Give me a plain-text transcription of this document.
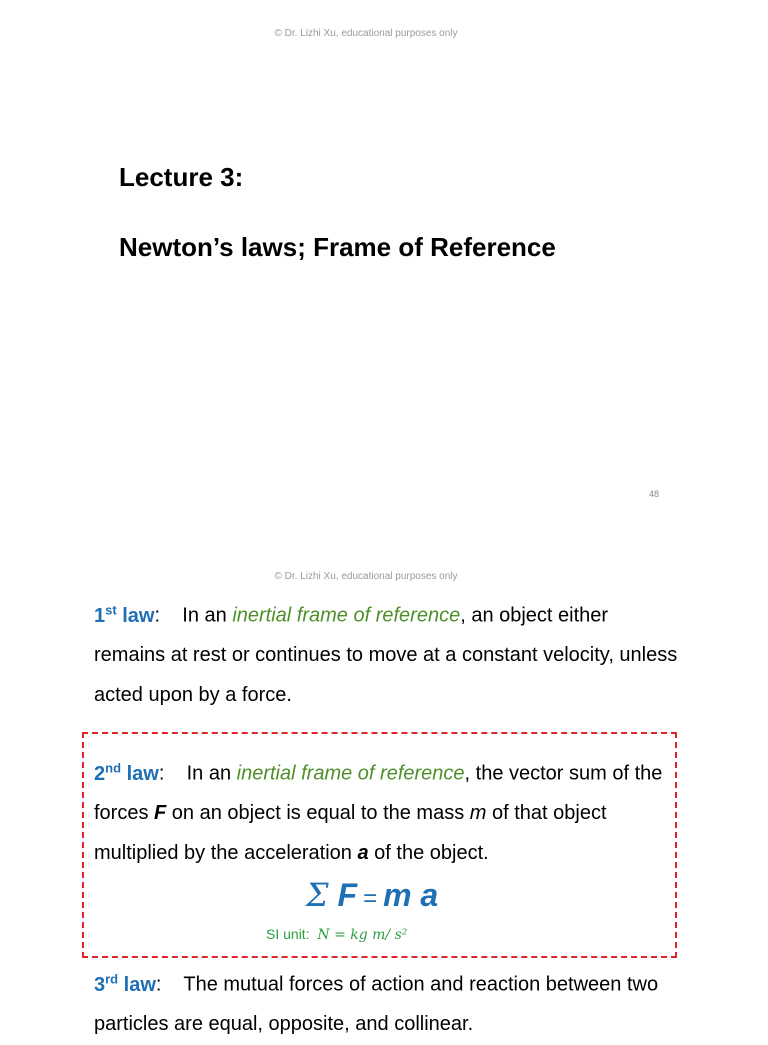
© Dr. Lizhi Xu, educational purposes only
Lecture 3:
Newton’s laws; Frame of Reference
48
© Dr. Lizhi Xu, educational purposes only
1st law:    In an inertial frame of reference, an object either remains at rest or continues to move at a constant velocity, unless acted upon by a force.
2nd law:    In an inertial frame of reference, the vector sum of the forces F on an object is equal to the mass m of that object multiplied by the acceleration a of the object.
Σ F = m a
SI unit: N = kg m/ s²
3rd law:    The mutual forces of action and reaction between two particles are equal, opposite, and collinear.
